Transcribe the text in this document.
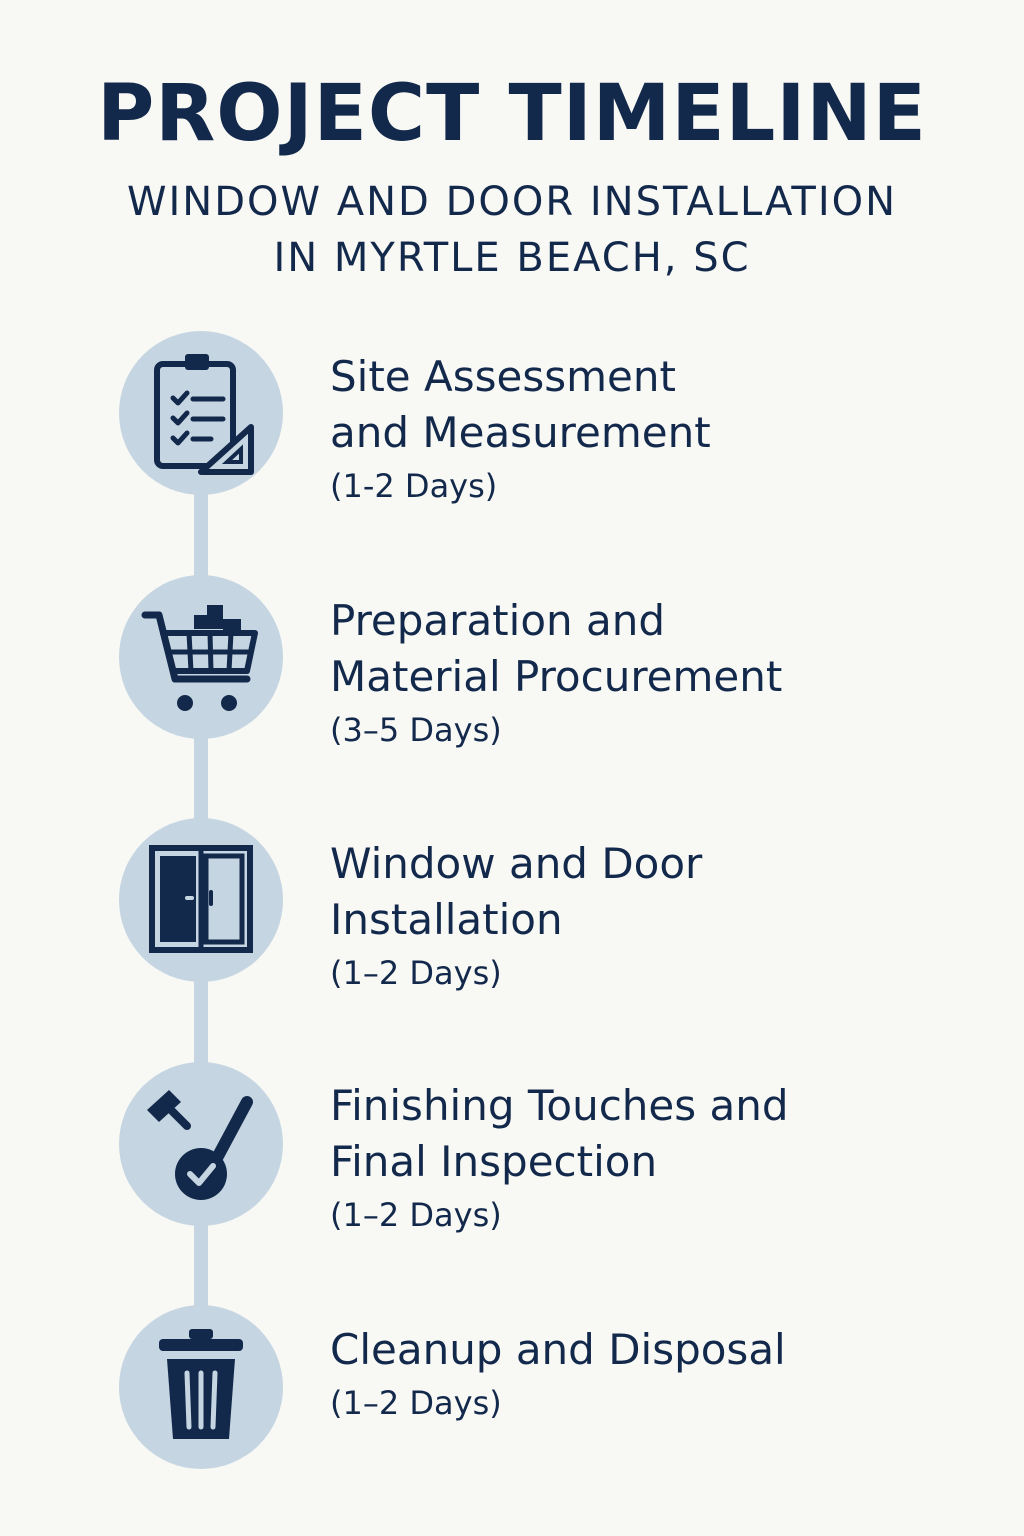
PROJECT TIMELINE
WINDOW AND DOOR INSTALLATION
IN MYRTLE BEACH, SC
Site Assessment
and Measurement
(1-2 Days)
Preparation and
Material Procurement
(3–5 Days)
Window and Door
Installation
(1–2 Days)
Finishing Touches and
Final Inspection
(1–2 Days)
Cleanup and Disposal
(1–2 Days)
